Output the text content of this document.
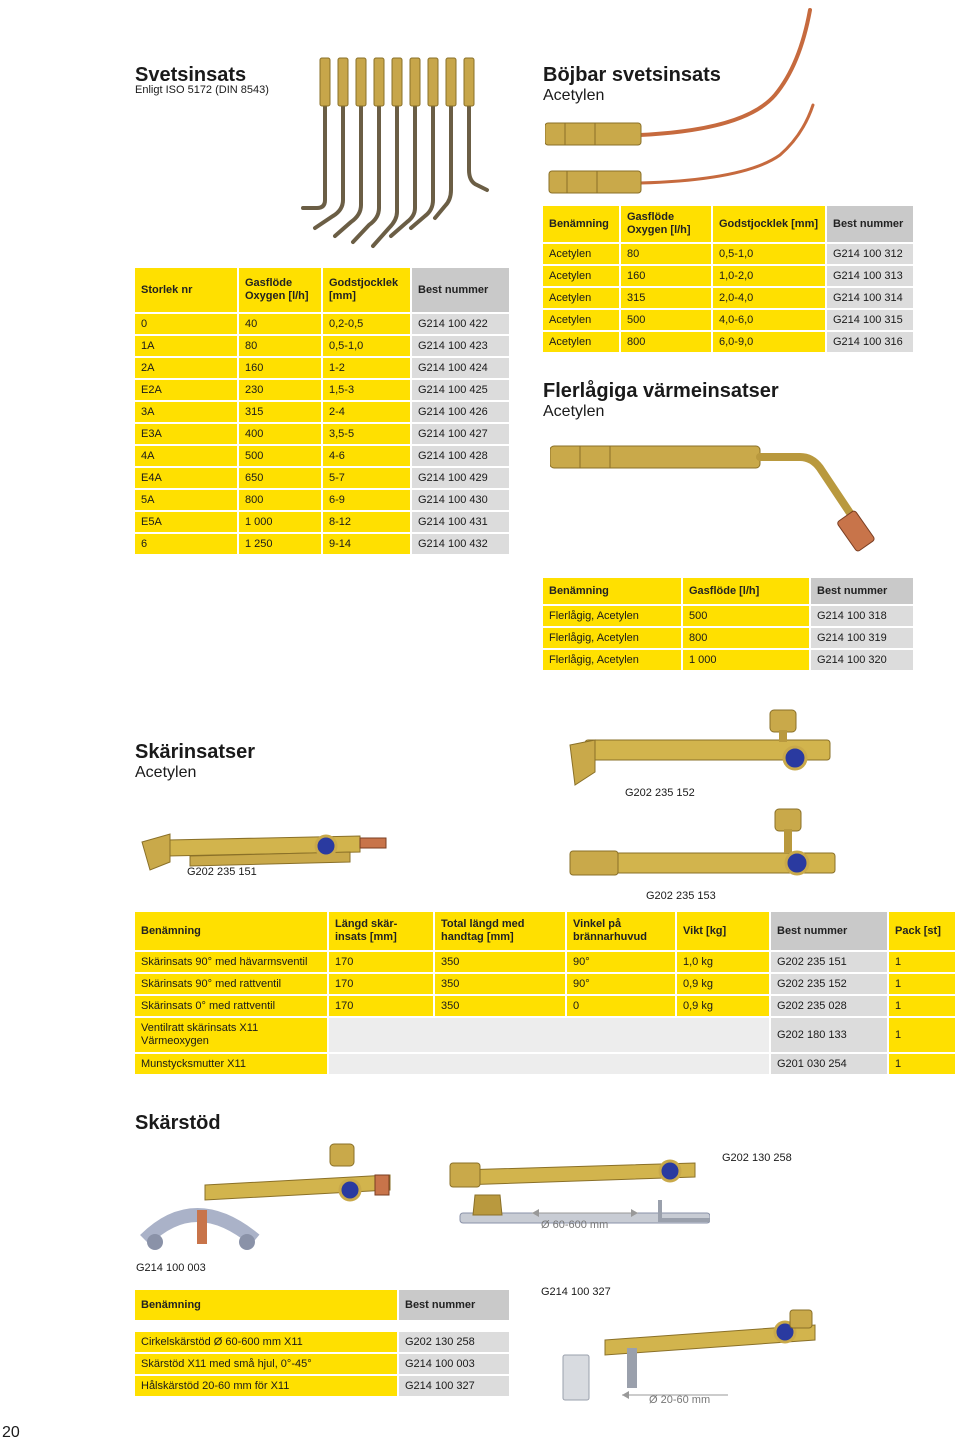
Svetsinsats
Enligt ISO 5172 (DIN 8543)
Storlek nr	Gasflöde Oxygen [l/h]	Godstjocklek [mm]	Best nummer
0	40	0,2-0,5	G214 100 422
1A	80	0,5-1,0	G214 100 423
2A	160	1-2	G214 100 424
E2A	230	1,5-3	G214 100 425
3A	315	2-4	G214 100 426
E3A	400	3,5-5	G214 100 427
4A	500	4-6	G214 100 428
E4A	650	5-7	G214 100 429
5A	800	6-9	G214 100 430
E5A	1 000	8-12	G214 100 431
6	1 250	9-14	G214 100 432
Böjbar svetsinsats
Acetylen
Benämning	Gasflöde Oxygen [l/h]	Godstjocklek [mm]	Best nummer
Acetylen	80	0,5-1,0	G214 100 312
Acetylen	160	1,0-2,0	G214 100 313
Acetylen	315	2,0-4,0	G214 100 314
Acetylen	500	4,0-6,0	G214 100 315
Acetylen	800	6,0-9,0	G214 100 316
Flerlågiga värmeinsatser
Acetylen
Benämning	Gasflöde [l/h]	Best nummer
Flerlågig, Acetylen	500	G214 100 318
Flerlågig, Acetylen	800	G214 100 319
Flerlågig, Acetylen	1 000	G214 100 320
Skärinsatser
Acetylen
G202 235 152
G202 235 151
G202 235 153
Benämning	Längd skär-insats [mm]	Total längd med handtag [mm]	Vinkel på brännarhuvud	Vikt [kg]	Best nummer	Pack [st]
Skärinsats 90° med hävarmsventil	170	350	90°	1,0 kg	G202 235 151	1
Skärinsats 90° med rattventil	170	350	90°	0,9 kg	G202 235 152	1
Skärinsats 0° med rattventil	170	350	0	0,9 kg	G202 235 028	1
Ventilratt skärinsats X11 Värmeoxygen					G202 180 133	1
Munstycksmutter X11					G201 030 254	1
Skärstöd
G202 130 258
Ø 60-600 mm
G214 100 003
Benämning	Best nummer

Cirkelskärstöd Ø 60-600 mm X11	G202 130 258
Skärstöd X11 med små hjul, 0°-45°	G214 100 003
Hålskärstöd 20-60 mm för X11	G214 100 327
G214 100 327
Ø 20-60 mm
20
